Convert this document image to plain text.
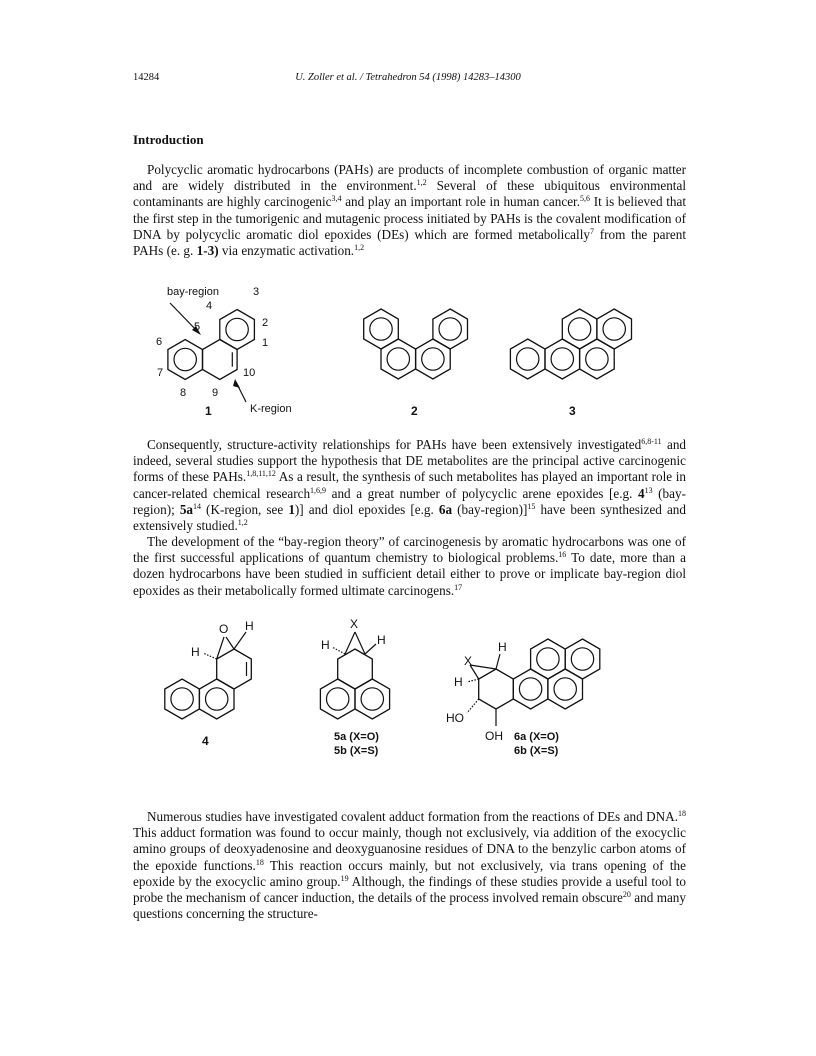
14284	U. Zoller et al. / Tetrahedron 54 (1998) 14283–14300
Introduction

Polycyclic aromatic hydrocarbons (PAHs) are products of incomplete combustion of organic matter and are widely distributed in the environment.$^{1,2}$ Several of these ubiquitous environmental contaminants are highly carcinogenic$^{3,4}$ and play an important role in human cancer.$^{5,6}$ It is believed that the first step in the tumorigenic and mutagenic process initiated by PAHs is the covalent modification of DNA by polycyclic aromatic diol epoxides (DEs) which are formed metabolically$^7$ from the parent PAHs (e. g. 1-3) via enzymatic activation.$^{1,2}$

Consequently, structure-activity relationships for PAHs have been extensively investigated$^{6,8-11}$ and indeed, several studies support the hypothesis that DE metabolites are the principal active carcinogenic forms of these PAHs.$^{1,8,11,12}$ As a result, the synthesis of such metabolites has played an important role in cancer-related chemical research$^{1,6,9}$ and a great number of polycyclic arene epoxides [e.g. $4^{13}$ (bay-region); $5a^{14}$ (K-region, see 1)] and diol epoxides [e.g. 6a (bay-region)]$^{15}$ have been synthesized and extensively studied.$^{1,2}$

The development of the “bay-region theory” of carcinogenesis by aromatic hydrocarbons was one of the first successful applications of quantum chemistry to biological problems.$^{16}$ To date, more than a dozen hydrocarbons have been studied in sufficient detail either to prove or implicate bay-region diol epoxides as their metabolically formed ultimate carcinogens.$^{17}$

Numerous studies have investigated covalent adduct formation from the reactions of DEs and DNA.$^{18}$ This adduct formation was found to occur mainly, though not exclusively, via addition of the exocyclic amino groups of deoxyadenosine and deoxyguanosine residues of DNA to the benzylic carbon atoms of the epoxide functions.$^{18}$ This reaction occurs mainly, but not exclusively, via trans opening of the epoxide by the exocyclic amino group.$^{19}$ Although, the findings of these studies provide a useful tool to probe the mechanism of cancer induction, the details of the process involved remain obscure$^{20}$ and many questions concerning the structure-

bay-region	3
4
2
1
5
6
7
8 9
10
K-region
1	2	3
O H
H
4
X
H	H
5a (X=O)
5b (X=S)
X
H
H
HO
OH 6a (X=O)
6b (X=S)
